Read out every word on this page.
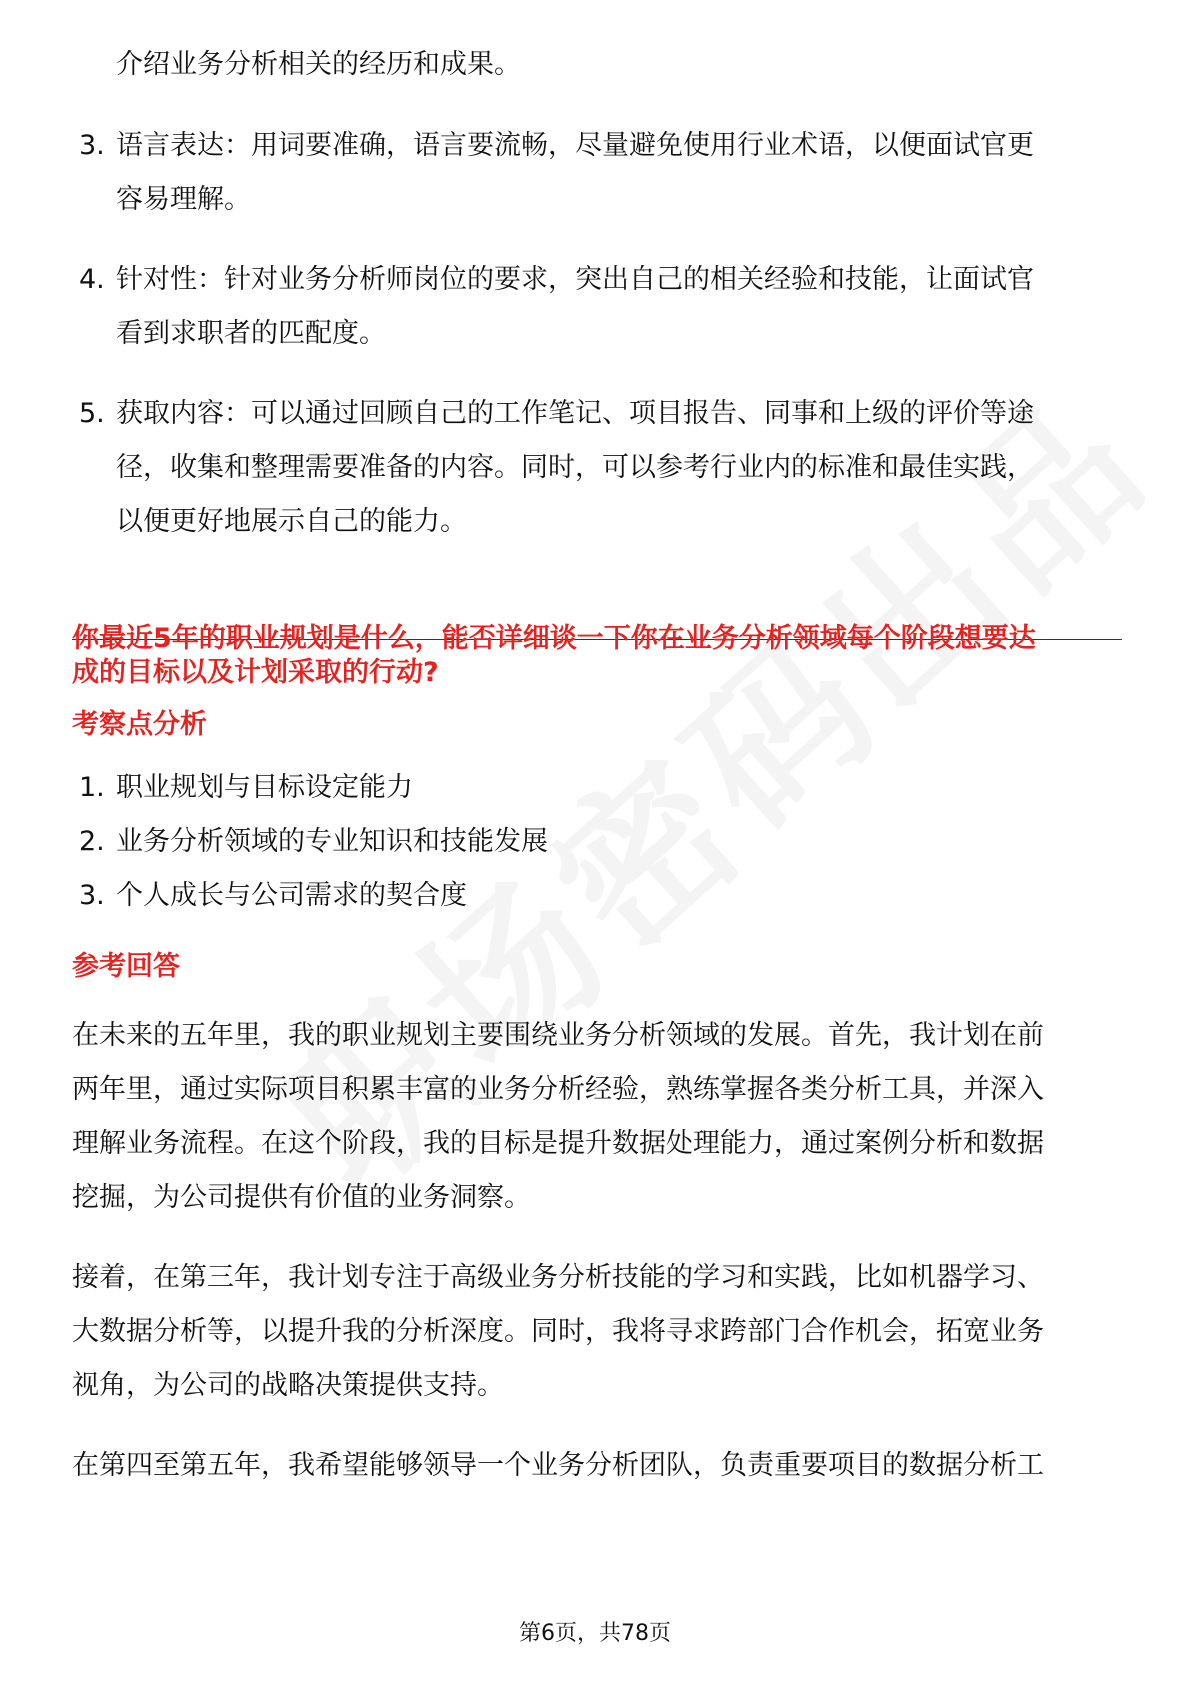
介绍业务分析相关的经历和成果。
3. 语言表达：用词要准确，语言要流畅，尽量避免使用行业术语，以便面试官更
容易理解。
4. 针对性：针对业务分析师岗位的要求，突出自己的相关经验和技能，让面试官
看到求职者的匹配度。
5. 获取内容：可以通过回顾自己的工作笔记、项目报告、同事和上级的评价等途
径，收集和整理需要准备的内容。同时，可以参考行业内的标准和最佳实践，
以便更好地展示自己的能力。
你最近5年的职业规划是什么，能否详细谈一下你在业务分析领域每个阶段想要达
成的目标以及计划采取的行动?
考察点分析
1. 职业规划与目标设定能力
2. 业务分析领域的专业知识和技能发展
3. 个人成长与公司需求的契合度
参考回答
在未来的五年里，我的职业规划主要围绕业务分析领域的发展。首先，我计划在前
两年里，通过实际项目积累丰富的业务分析经验，熟练掌握各类分析工具，并深入
理解业务流程。在这个阶段，我的目标是提升数据处理能力，通过案例分析和数据
挖掘，为公司提供有价值的业务洞察。
接着，在第三年，我计划专注于高级业务分析技能的学习和实践，比如机器学习、
大数据分析等，以提升我的分析深度。同时，我将寻求跨部门合作机会，拓宽业务
视角，为公司的战略决策提供支持。
在第四至第五年，我希望能够领导一个业务分析团队，负责重要项目的数据分析工
第6页，共78页
